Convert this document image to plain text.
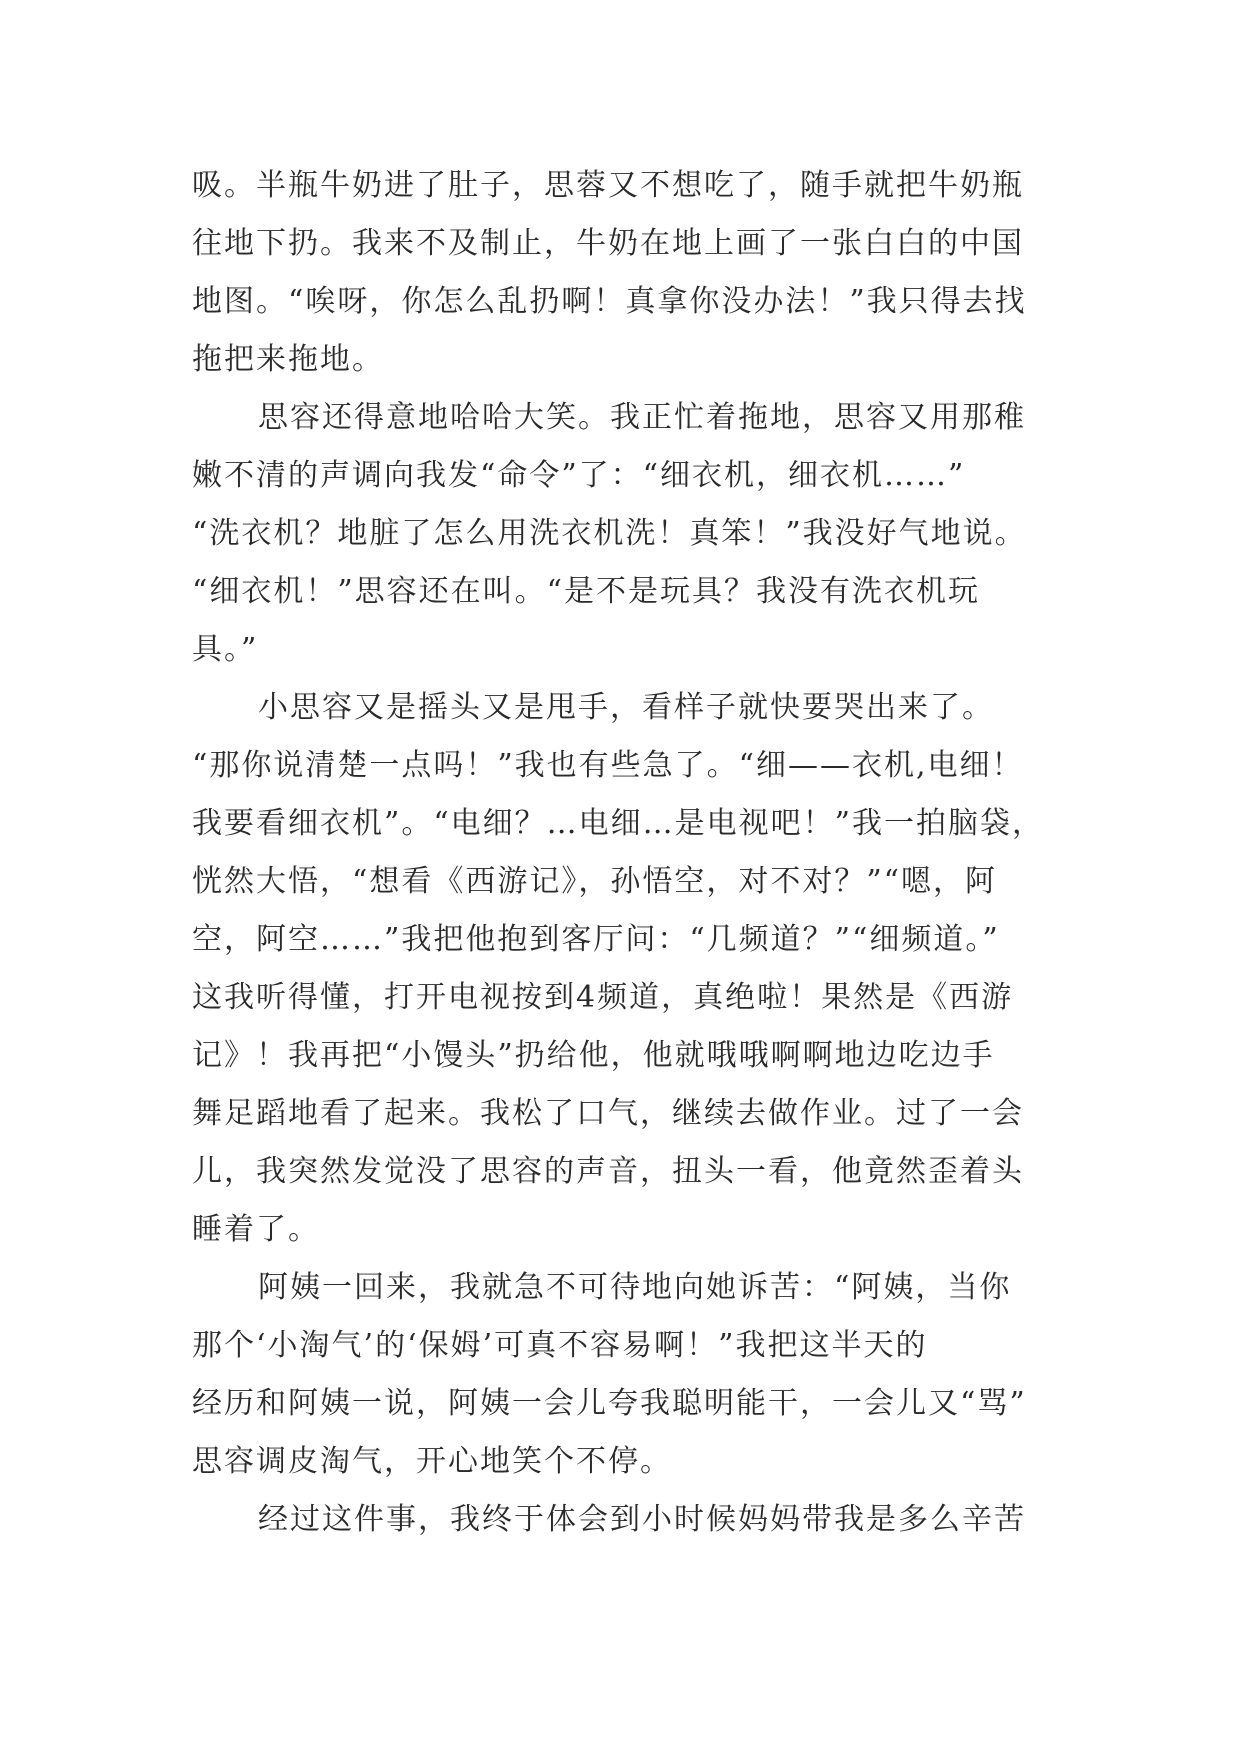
吸。半瓶牛奶进了肚子，思蓉又不想吃了，随手就把牛奶瓶
往地下扔。我来不及制止，牛奶在地上画了一张白白的中国
地图。“唉呀，你怎么乱扔啊！真拿你没办法！”我只得去找
拖把来拖地。
思容还得意地哈哈大笑。我正忙着拖地，思容又用那稚
嫩不清的声调向我发“命令”了：“细衣机，细衣机……”
“洗衣机？地脏了怎么用洗衣机洗！真笨！”我没好气地说。
“细衣机！”思容还在叫。“是不是玩具？我没有洗衣机玩
具。”
小思容又是摇头又是甩手，看样子就快要哭出来了。
“那你说清楚一点吗！”我也有些急了。“细——衣机,电细！
我要看细衣机”。“电细？…电细…是电视吧！”我一拍脑袋，
恍然大悟，“想看《西游记》，孙悟空，对不对？”“嗯，阿
空，阿空……”我把他抱到客厅问：“几频道？”“细频道。”
这我听得懂，打开电视按到4频道，真绝啦！果然是《西游
记》！我再把“小馒头”扔给他，他就哦哦啊啊地边吃边手
舞足蹈地看了起来。我松了口气，继续去做作业。过了一会
儿，我突然发觉没了思容的声音，扭头一看，他竟然歪着头
睡着了。
阿姨一回来，我就急不可待地向她诉苦：“阿姨，当你
那个‘小淘气’的‘保姆’可真不容易啊！”我把这半天的
经历和阿姨一说，阿姨一会儿夸我聪明能干，一会儿又“骂”
思容调皮淘气，开心地笑个不停。
经过这件事，我终于体会到小时候妈妈带我是多么辛苦
